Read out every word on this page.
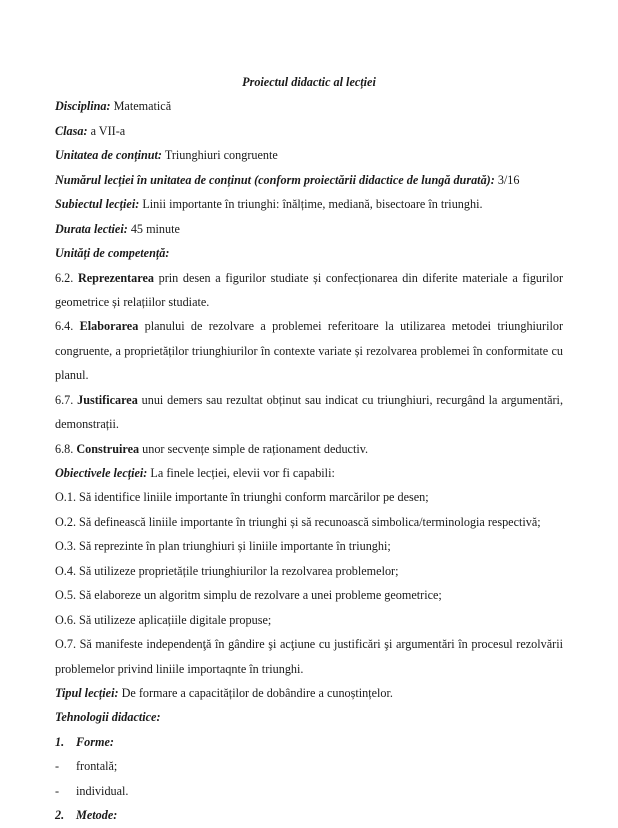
Proiectul didactic al lecției
Disciplina: Matematică
Clasa: a VII-a
Unitatea de conținut: Triunghiuri congruente
Numărul lecției în unitatea de conținut (conform proiectării didactice de lungă durată): 3/16
Subiectul lecției: Linii importante în triunghi: înălțime, mediană, bisectoare în triunghi.
Durata lectiei: 45 minute
Unități de competență:
6.2. Reprezentarea prin desen a figurilor studiate și confecționarea din diferite materiale a figurilor
geometrice și relațiilor studiate.
6.4. Elaborarea planului de rezolvare a problemei referitoare la utilizarea metodei triunghiurilor
congruente, a proprietăților triunghiurilor în contexte variate și rezolvarea problemei în conformitate cu
planul.
6.7. Justificarea unui demers sau rezultat obținut sau indicat cu triunghiuri, recurgând la argumentări,
demonstrații.
6.8. Construirea unor secvențe simple de raționament deductiv.
Obiectivele lecției: La finele lecției, elevii vor fi capabili:
O.1. Să identifice liniile importante în triunghi conform marcărilor pe desen;
O.2. Să definească liniile importante în triunghi și să recunoască simbolica/terminologia respectivă;
O.3. Să reprezinte în plan triunghiuri și liniile importante în triunghi;
O.4. Să utilizeze proprietățile triunghiurilor la rezolvarea problemelor;
O.5. Să elaboreze un algoritm simplu de rezolvare a unei probleme geometrice;
O.6. Să utilizeze aplicațiile digitale propuse;
O.7. Să manifeste independenţă în gândire şi acţiune cu justificări şi argumentări în procesul rezolvării
problemelor privind liniile importaqnte în triunghi.
Tipul lecției: De formare a capacităților de dobândire a cunoștințelor.
Tehnologii didactice:
1. Forme:
- frontală;
- individual.
2. Metode:
